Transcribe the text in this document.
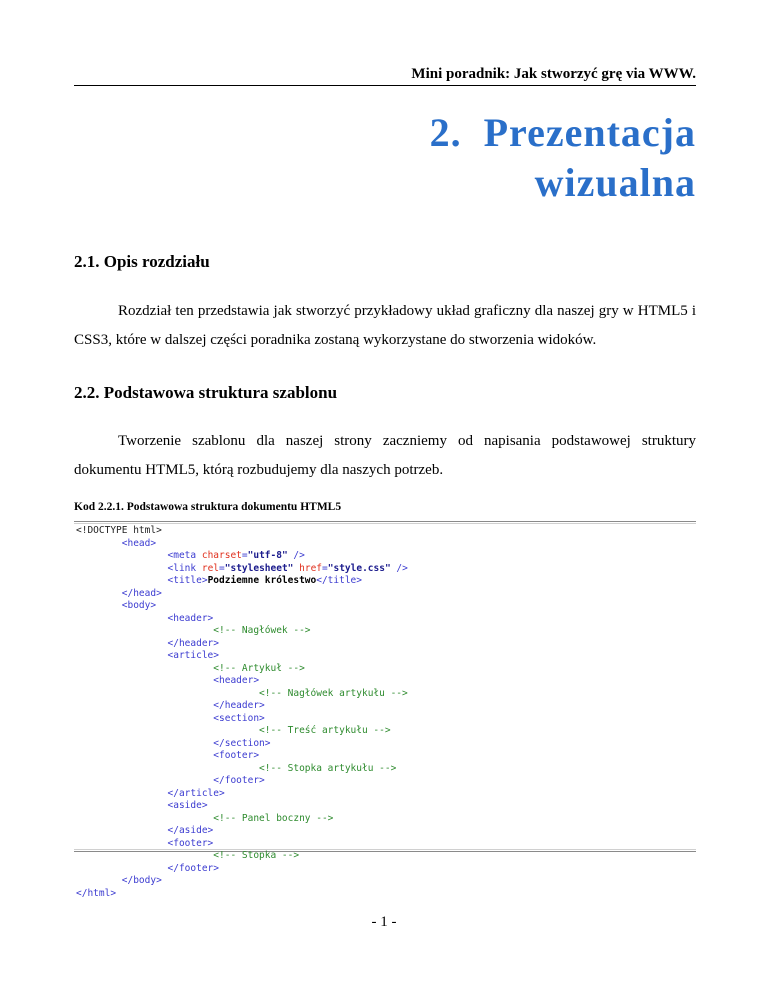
Mini poradnik: Jak stworzyć grę via WWW.
2.  Prezentacja
wizualna
2.1. Opis rozdziału
Rozdział ten przedstawia jak stworzyć przykładowy układ graficzny dla naszej gry w HTML5 i CSS3, które w dalszej części poradnika zostaną wykorzystane do stworzenia widoków.
2.2. Podstawowa struktura szablonu
Tworzenie szablonu dla naszej strony zaczniemy od napisania podstawowej struktury dokumentu HTML5, którą rozbudujemy dla naszych potrzeb.
Kod 2.2.1. Podstawowa struktura dokumentu HTML5
<!DOCTYPE html>
<head>
<meta charset="utf-8" />
<link rel="stylesheet" href="style.css" />
<title>Podziemne królestwo</title>
</head>
<body>
<header>
<!-- Nagłówek -->
</header>
<article>
<!-- Artykuł -->
<header>
<!-- Nagłówek artykułu -->
</header>
<section>
<!-- Treść artykułu -->
</section>
<footer>
<!-- Stopka artykułu -->
</footer>
</article>
<aside>
<!-- Panel boczny -->
</aside>
<footer>
<!-- Stopka -->
</footer>
</body>
</html>
- 1 -
